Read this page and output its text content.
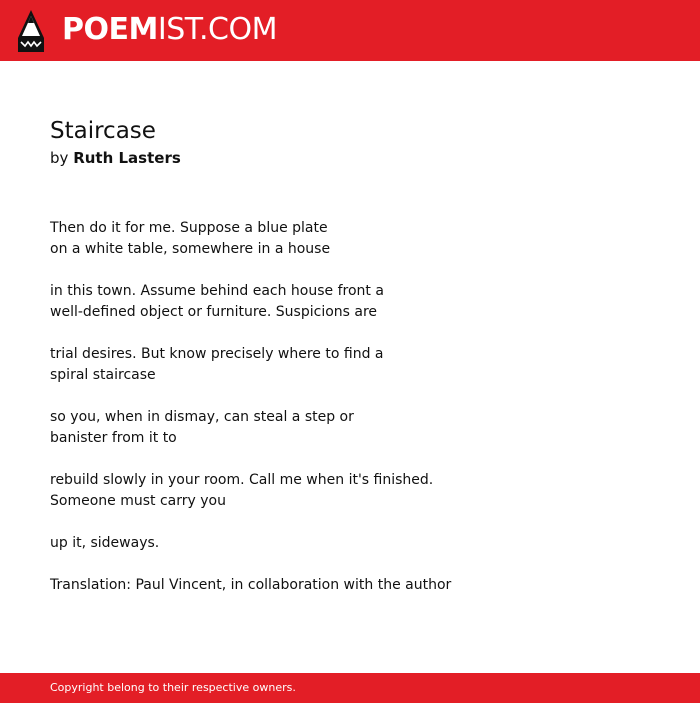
POEMIST.COM
Staircase
by Ruth Lasters
Then do it for me. Suppose a blue plate
on a white table, somewhere in a house
in this town. Assume behind each house front a
well-defined object or furniture. Suspicions are
trial desires. But know precisely where to find a
spiral staircase
so you, when in dismay, can steal a step or
banister from it to
rebuild slowly in your room. Call me when it's finished.
Someone must carry you
up it, sideways.
Translation: Paul Vincent, in collaboration with the author
Copyright belong to their respective owners.
